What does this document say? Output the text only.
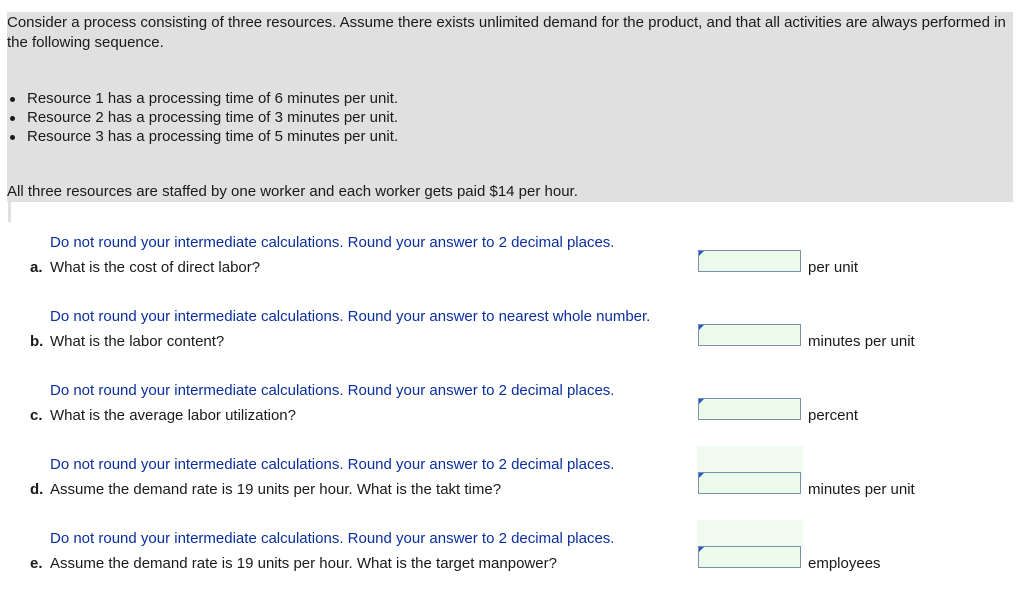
Consider a process consisting of three resources. Assume there exists unlimited demand for the product, and that all activities are always performed in the following sequence.

Resource 1 has a processing time of 6 minutes per unit.
Resource 2 has a processing time of 3 minutes per unit.
Resource 3 has a processing time of 5 minutes per unit.

All three resources are staffed by one worker and each worker gets paid $14 per hour.

Do not round your intermediate calculations. Round your answer to 2 decimal places.
a. What is the cost of direct labor?	per unit
Do not round your intermediate calculations. Round your answer to nearest whole number.
b. What is the labor content?	minutes per unit
Do not round your intermediate calculations. Round your answer to 2 decimal places.
c. What is the average labor utilization?	percent
Do not round your intermediate calculations. Round your answer to 2 decimal places.
d. Assume the demand rate is 19 units per hour. What is the takt time?	minutes per unit
Do not round your intermediate calculations. Round your answer to 2 decimal places.
e. Assume the demand rate is 19 units per hour. What is the target manpower?	employees
